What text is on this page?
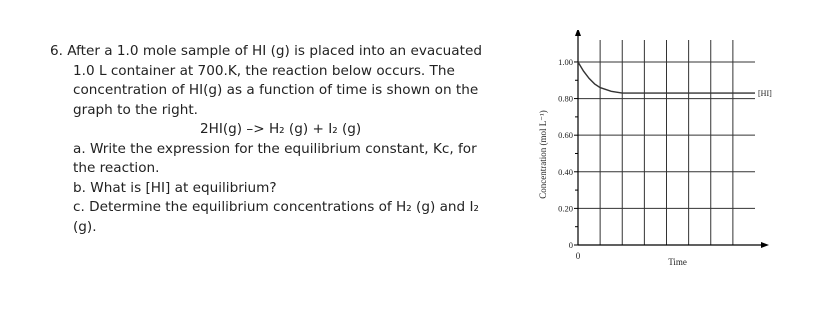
6. After a 1.0 mole sample of HI (g) is placed into an evacuated

1.0 L container at 700.K, the reaction below occurs. The

concentration of HI(g) as a function of time is shown on the

graph to the right.

2HI(g) –> H₂ (g) + I₂ (g)

a. Write the expression for the equilibrium constant, Kc, for

the reaction.

b. What is [HI] at equilibrium?

c. Determine the equilibrium concentrations of H₂ (g) and I₂

(g).

0
0.20
0.40
0.60
0.80
1.00
0
Time
Concentration (mol L⁻¹)
[HI]
